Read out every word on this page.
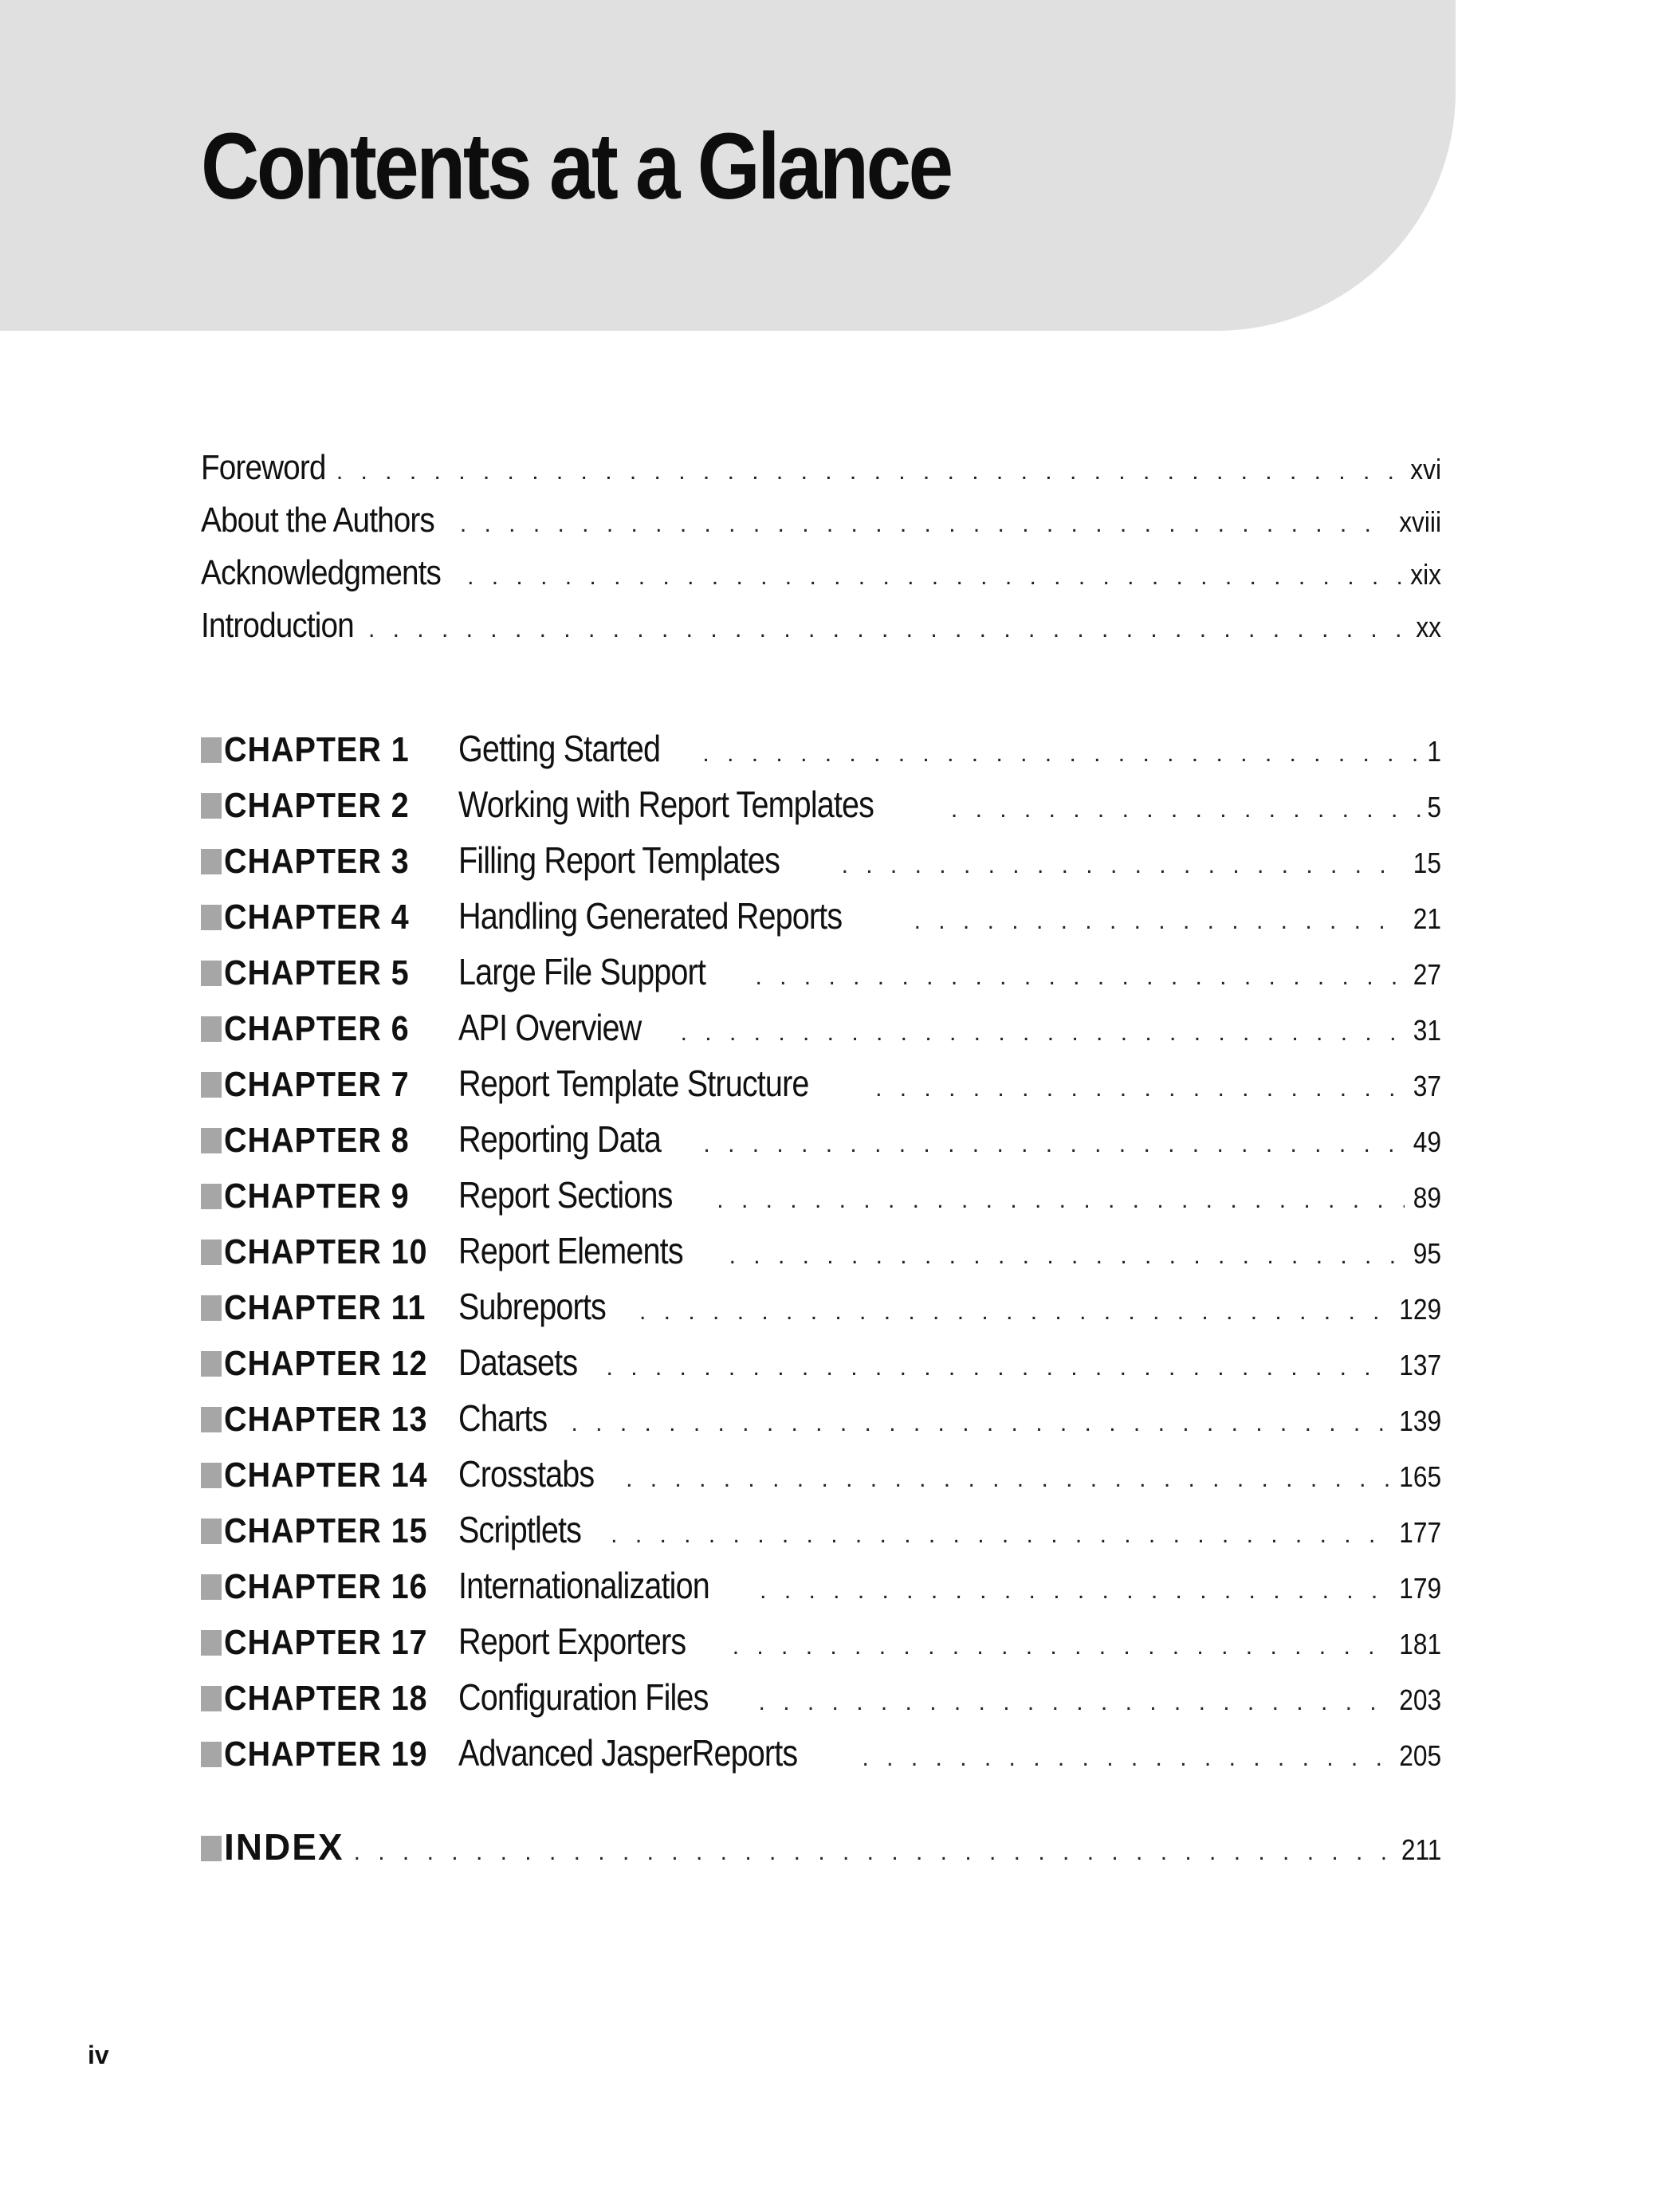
Contents at a Glance
Foreword . . .	xvi
About the Authors . . .	xviii
Acknowledgments . . .	xix
Introduction . . .	xx
CHAPTER 1 Getting Started . . .	1
CHAPTER 2 Working with Report Templates . . .	5
CHAPTER 3 Filling Report Templates . . .	15
CHAPTER 4 Handling Generated Reports . . .	21
CHAPTER 5 Large File Support . . .	27
CHAPTER 6 API Overview . . .	31
CHAPTER 7 Report Template Structure . . .	37
CHAPTER 8 Reporting Data . . .	49
CHAPTER 9 Report Sections . . .	89
CHAPTER 10 Report Elements . . .	95
CHAPTER 11 Subreports . . .	129
CHAPTER 12 Datasets . . .	137
CHAPTER 13 Charts . . .	139
CHAPTER 14 Crosstabs . . .	165
CHAPTER 15 Scriptlets . . .	177
CHAPTER 16 Internationalization . . .	179
CHAPTER 17 Report Exporters . . .	181
CHAPTER 18 Configuration Files . . .	203
CHAPTER 19 Advanced JasperReports . . .	205
INDEX . . .	211
iv
